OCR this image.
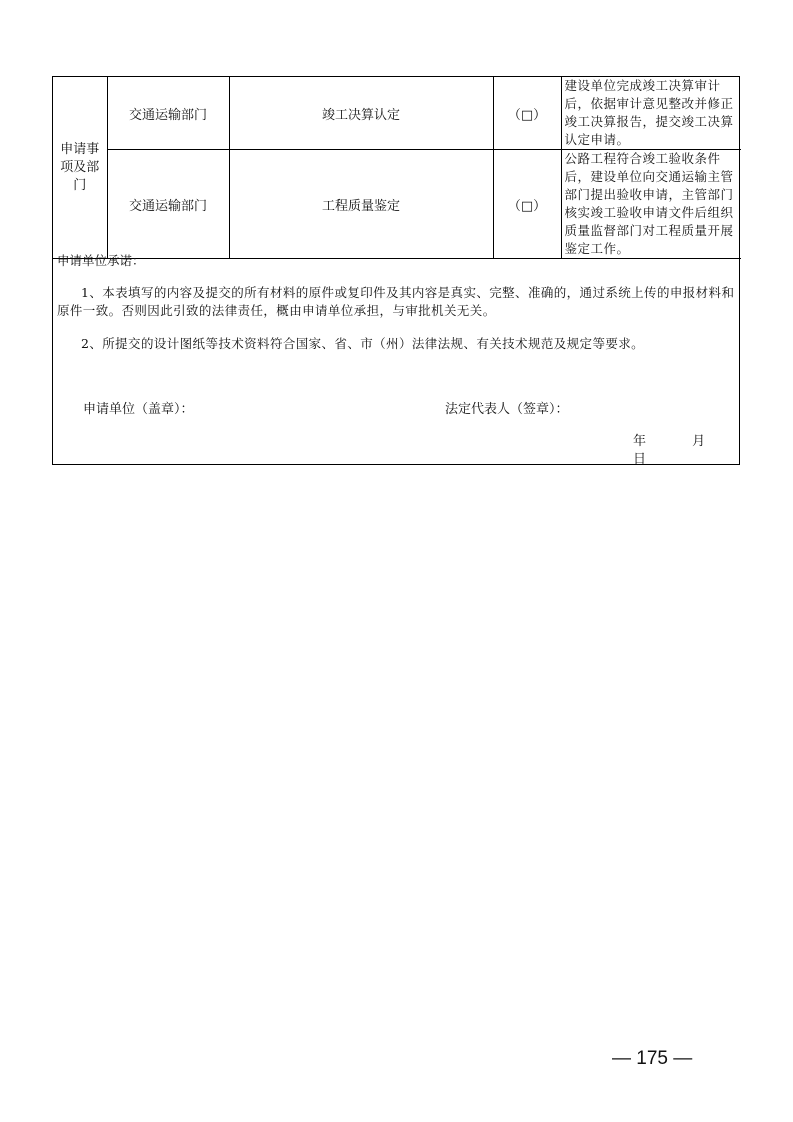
申请事项及部门	交通运输部门	竣工决算认定	（□）	建设单位完成竣工决算审计后，依据审计意见整改并修正竣工决算报告，提交竣工决算认定申请。
	交通运输部门	工程质量鉴定	（□）	公路工程符合竣工验收条件后，建设单位向交通运输主管部门提出验收申请，主管部门核实竣工验收申请文件后组织质量监督部门对工程质量开展鉴定工作。
申请单位承诺：
1、本表填写的内容及提交的所有材料的原件或复印件及其内容是真实、完整、准确的，通过系统上传的申报材料和原件一致。否则因此引致的法律责任，概由申请单位承担，与审批机关无关。
2、所提交的设计图纸等技术资料符合国家、省、市（州）法律法规、有关技术规范及规定等要求。
申请单位（盖章）：	法定代表人（签章）：
年 月 日
— 175 —
